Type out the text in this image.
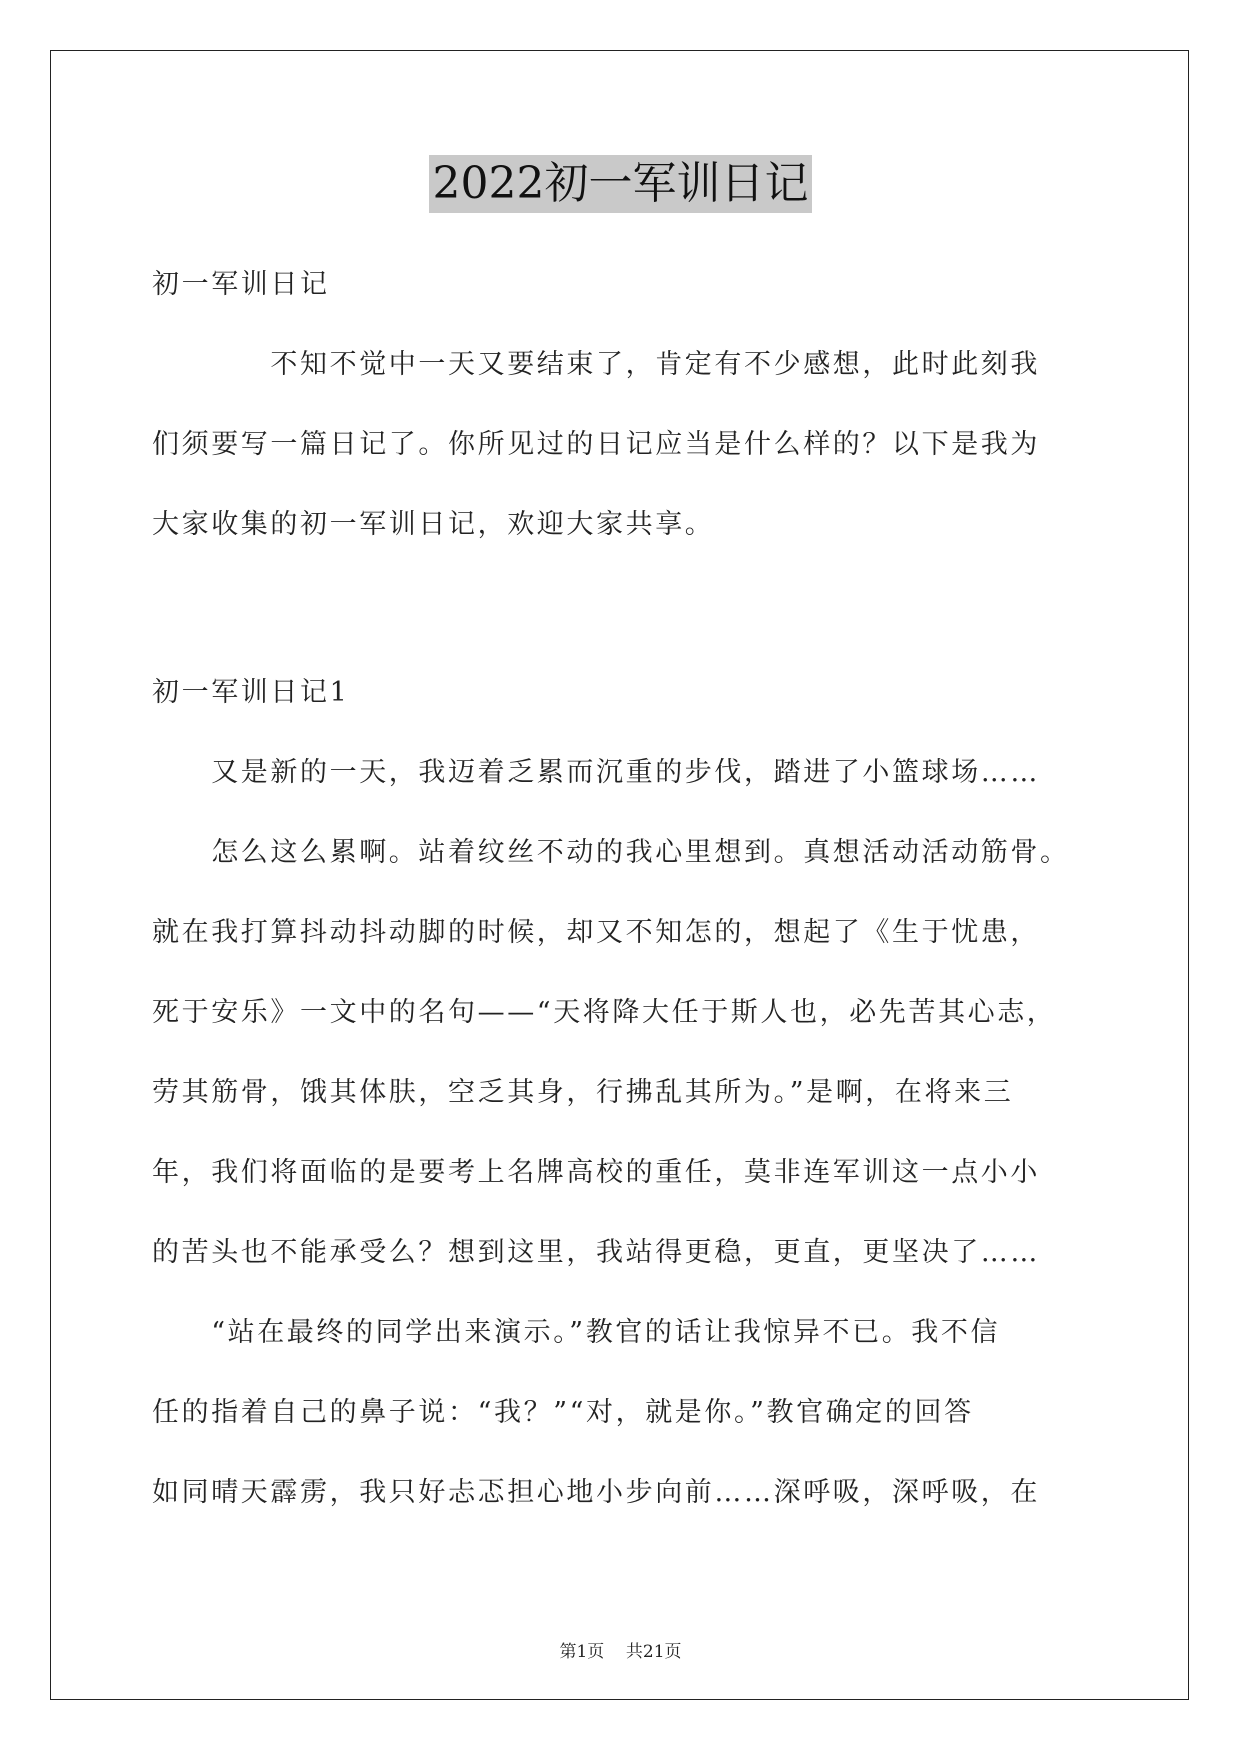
2022初一军训日记
初一军训日记
　　　　不知不觉中一天又要结束了，肯定有不少感想，此时此刻我
们须要写一篇日记了。你所见过的日记应当是什么样的？以下是我为
大家收集的初一军训日记，欢迎大家共享。
初一军训日记1
　　又是新的一天，我迈着乏累而沉重的步伐，踏进了小篮球场……
　　怎么这么累啊。站着纹丝不动的我心里想到。真想活动活动筋骨。
就在我打算抖动抖动脚的时候，却又不知怎的，想起了《生于忧患，
死于安乐》一文中的名句——“天将降大任于斯人也，必先苦其心志，
劳其筋骨，饿其体肤，空乏其身，行拂乱其所为。”是啊，在将来三
年，我们将面临的是要考上名牌高校的重任，莫非连军训这一点小小
的苦头也不能承受么？想到这里，我站得更稳，更直，更坚决了……
　　“站在最终的同学出来演示。”教官的话让我惊异不已。我不信
任的指着自己的鼻子说：“我？”“对，就是你。”教官确定的回答
如同晴天霹雳，我只好忐忑担心地小步向前……深呼吸，深呼吸，在
第1页 共21页
